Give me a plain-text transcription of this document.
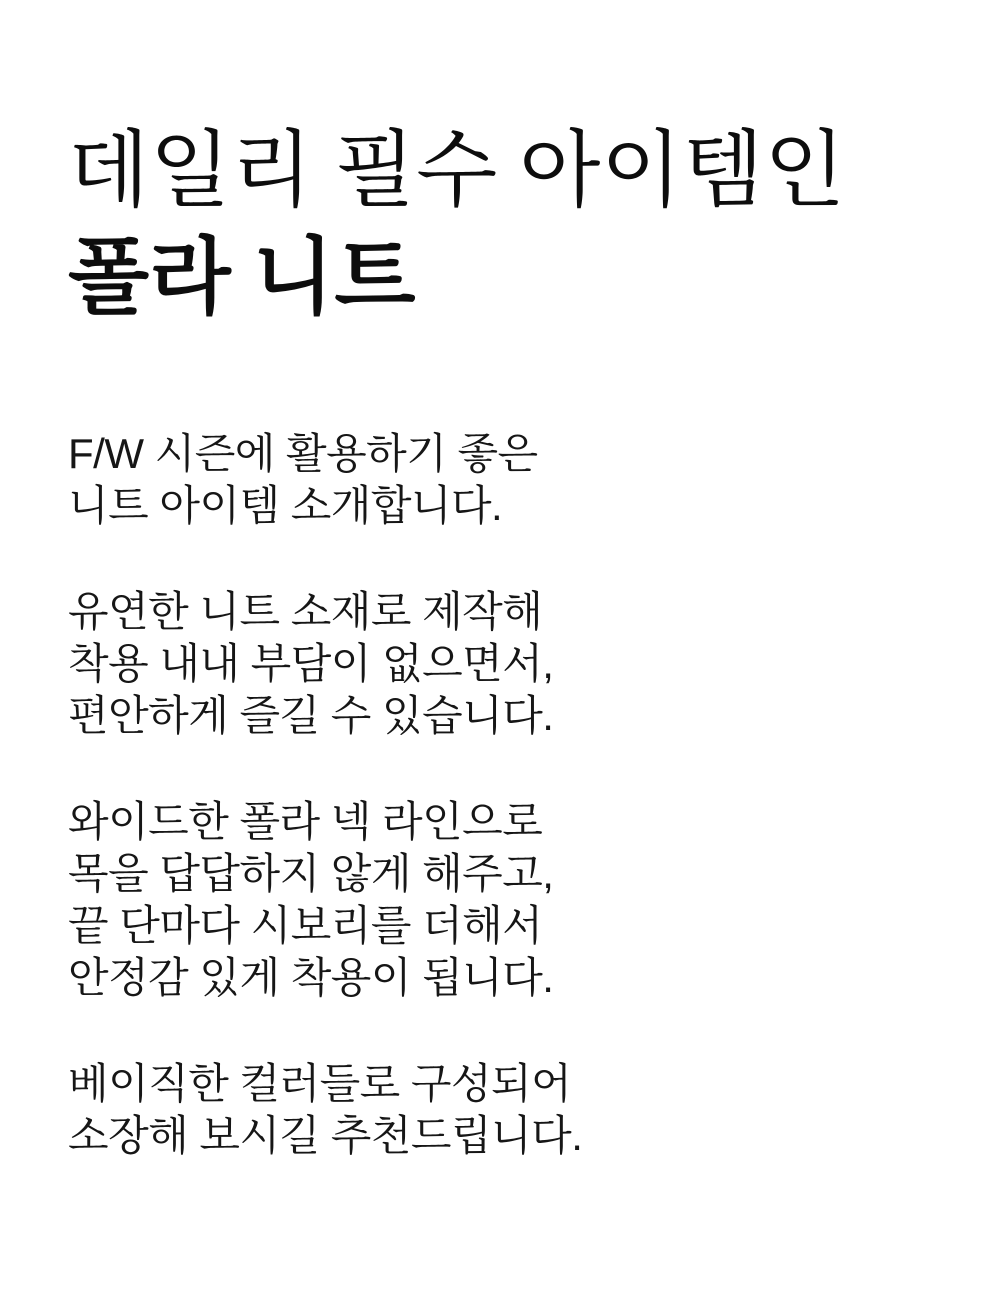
데일리 필수 아이템인
폴라 니트

F/W 시즌에 활용하기 좋은
니트 아이템 소개합니다.

유연한 니트 소재로 제작해
착용 내내 부담이 없으면서,
편안하게 즐길 수 있습니다.

와이드한 폴라 넥 라인으로
목을 답답하지 않게 해주고,
끝 단마다 시보리를 더해서
안정감 있게 착용이 됩니다.

베이직한 컬러들로 구성되어
소장해 보시길 추천드립니다.
